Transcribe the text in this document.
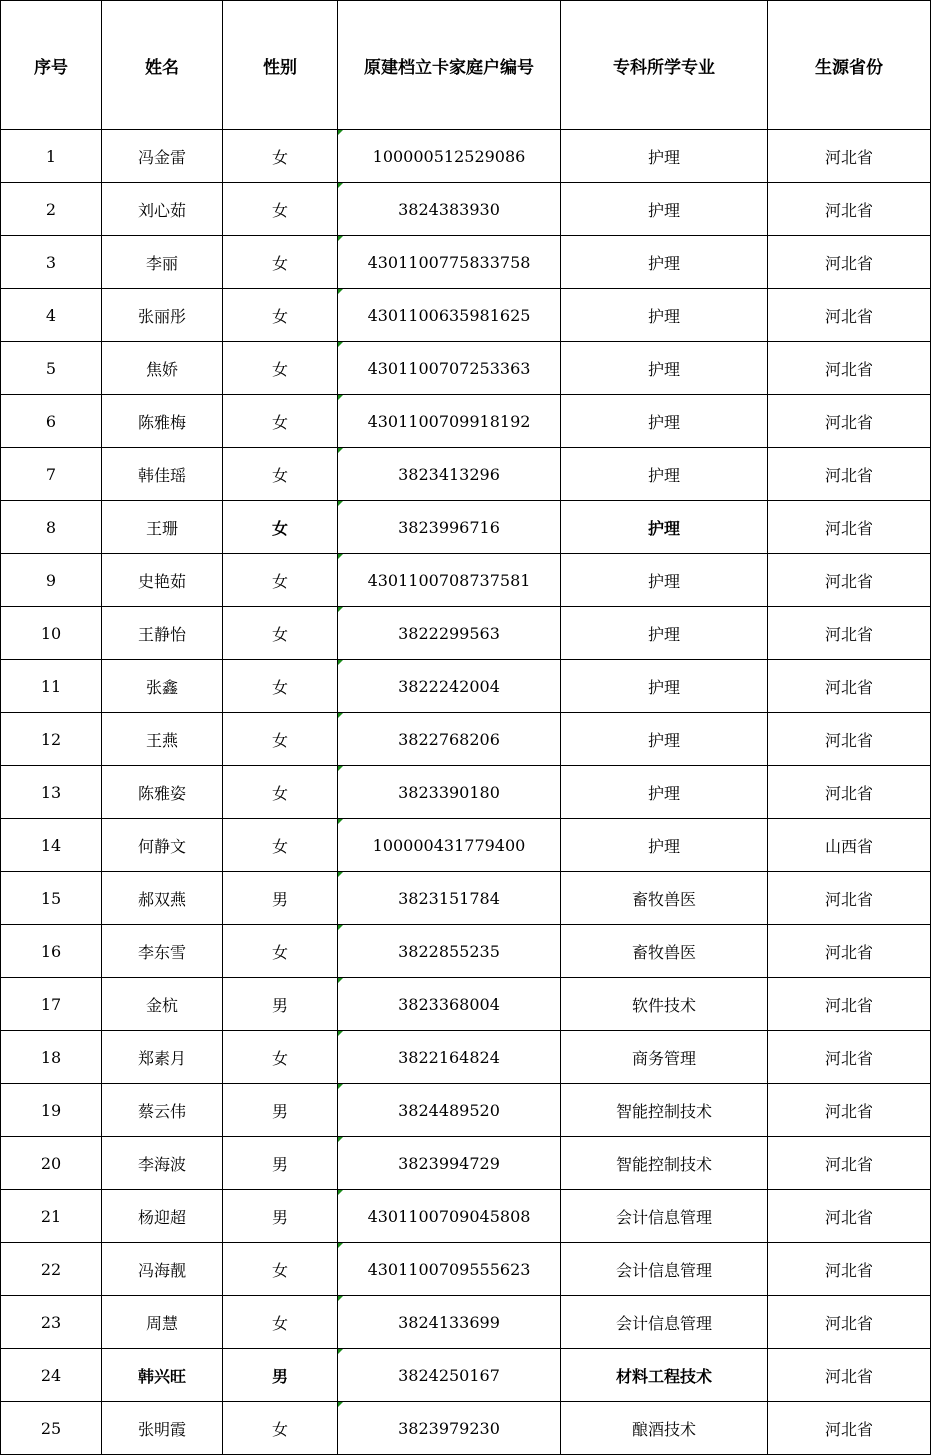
序号	姓名	性别	原建档立卡家庭户编号	专科所学专业	生源省份
1	冯金雷	女	100000512529086	护理	河北省
2	刘心茹	女	3824383930	护理	河北省
3	李丽	女	4301100775833758	护理	河北省
4	张丽彤	女	4301100635981625	护理	河北省
5	焦娇	女	4301100707253363	护理	河北省
6	陈雅梅	女	4301100709918192	护理	河北省
7	韩佳瑶	女	3823413296	护理	河北省
8	王珊	女	3823996716	护理	河北省
9	史艳茹	女	4301100708737581	护理	河北省
10	王静怡	女	3822299563	护理	河北省
11	张鑫	女	3822242004	护理	河北省
12	王燕	女	3822768206	护理	河北省
13	陈雅姿	女	3823390180	护理	河北省
14	何静文	女	100000431779400	护理	山西省
15	郝双燕	男	3823151784	畜牧兽医	河北省
16	李东雪	女	3822855235	畜牧兽医	河北省
17	金杭	男	3823368004	软件技术	河北省
18	郑素月	女	3822164824	商务管理	河北省
19	蔡云伟	男	3824489520	智能控制技术	河北省
20	李海波	男	3823994729	智能控制技术	河北省
21	杨迎超	男	4301100709045808	会计信息管理	河北省
22	冯海靓	女	4301100709555623	会计信息管理	河北省
23	周慧	女	3824133699	会计信息管理	河北省
24	韩兴旺	男	3824250167	材料工程技术	河北省
25	张明霞	女	3823979230	酿酒技术	河北省
